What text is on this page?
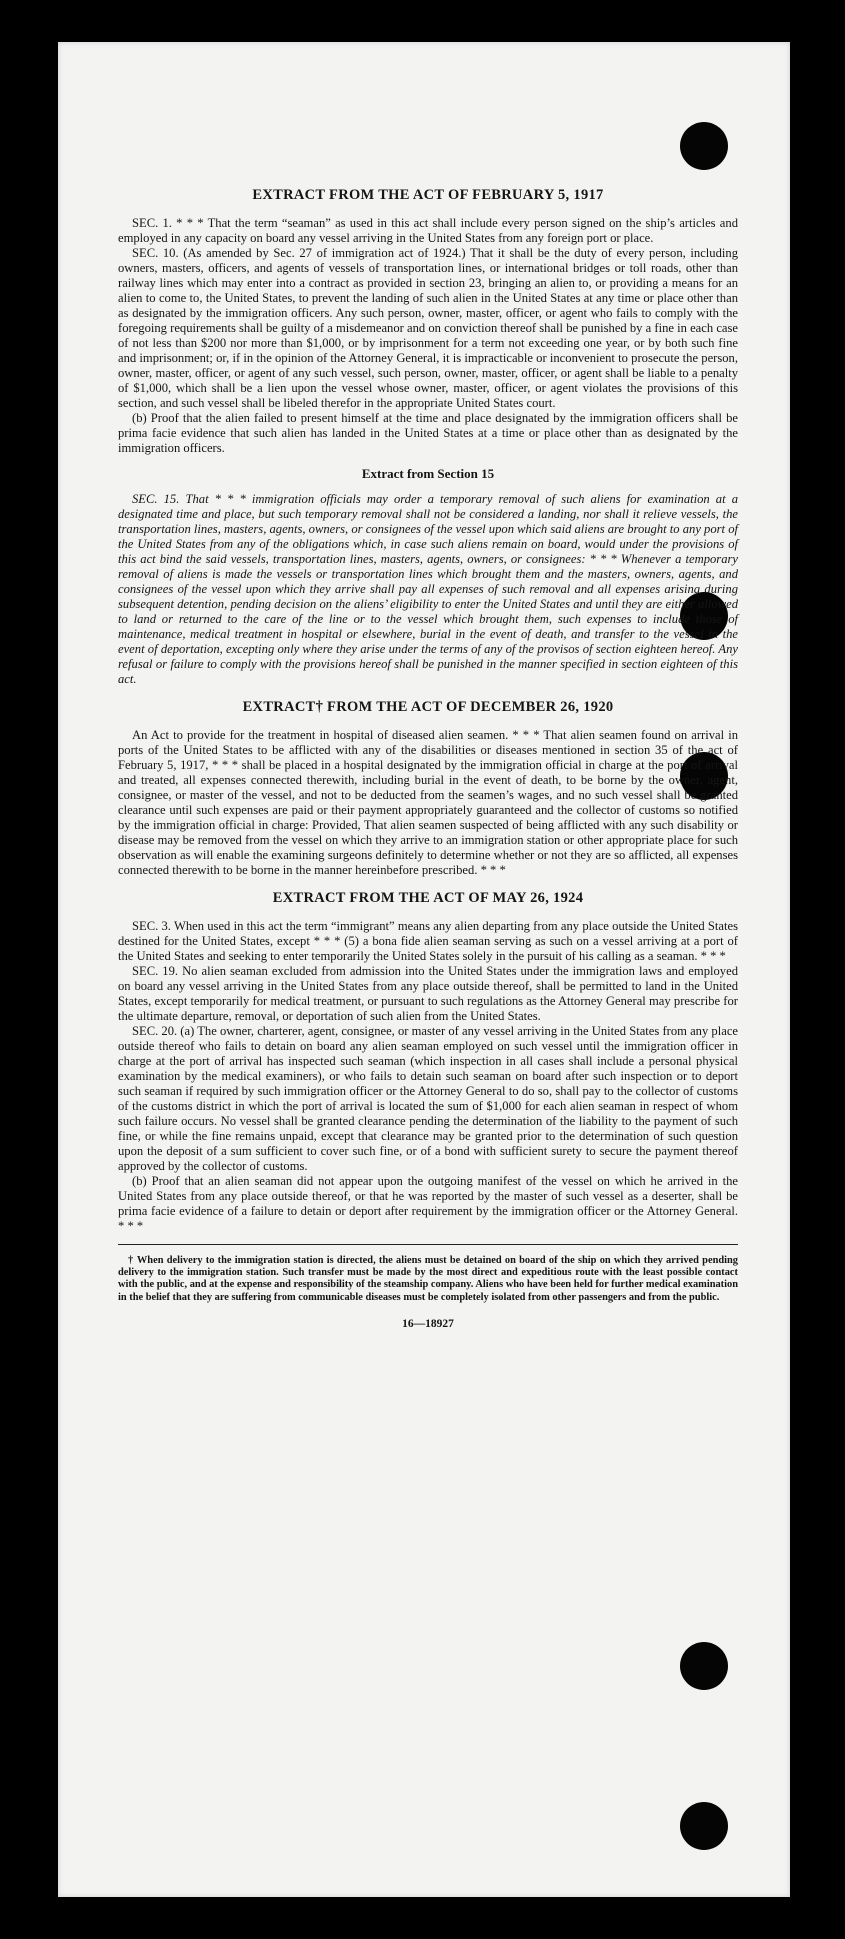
EXTRACT FROM THE ACT OF FEBRUARY 5, 1917

SEC. 1. * * * That the term “seaman” as used in this act shall include every person signed on the ship’s articles and employed in any capacity on board any vessel arriving in the United States from any foreign port or place.

SEC. 10. (As amended by Sec. 27 of immigration act of 1924.) That it shall be the duty of every person, including owners, masters, officers, and agents of vessels of transportation lines, or international bridges or toll roads, other than railway lines which may enter into a contract as provided in section 23, bringing an alien to, or providing a means for an alien to come to, the United States, to prevent the landing of such alien in the United States at any time or place other than as designated by the immigration officers. Any such person, owner, master, officer, or agent who fails to comply with the foregoing requirements shall be guilty of a misdemeanor and on conviction thereof shall be punished by a fine in each case of not less than $200 nor more than $1,000, or by imprisonment for a term not exceeding one year, or by both such fine and imprisonment; or, if in the opinion of the Attorney General, it is impracticable or inconvenient to prosecute the person, owner, master, officer, or agent of any such vessel, such person, owner, master, officer, or agent shall be liable to a penalty of $1,000, which shall be a lien upon the vessel whose owner, master, officer, or agent violates the provisions of this section, and such vessel shall be libeled therefor in the appropriate United States court.

(b) Proof that the alien failed to present himself at the time and place designated by the immigration officers shall be prima facie evidence that such alien has landed in the United States at a time or place other than as designated by the immigration officers.

Extract from Section 15

SEC. 15. That * * * immigration officials may order a temporary removal of such aliens for examination at a designated time and place, but such temporary removal shall not be considered a landing, nor shall it relieve vessels, the transportation lines, masters, agents, owners, or consignees of the vessel upon which said aliens are brought to any port of the United States from any of the obligations which, in case such aliens remain on board, would under the provisions of this act bind the said vessels, transportation lines, masters, agents, owners, or consignees: * * * Whenever a temporary removal of aliens is made the vessels or transportation lines which brought them and the masters, owners, agents, and consignees of the vessel upon which they arrive shall pay all expenses of such removal and all expenses arising during subsequent detention, pending decision on the aliens’ eligibility to enter the United States and until they are either allowed to land or returned to the care of the line or to the vessel which brought them, such expenses to include those of maintenance, medical treatment in hospital or elsewhere, burial in the event of death, and transfer to the vessel in the event of deportation, excepting only where they arise under the terms of any of the provisos of section eighteen hereof. Any refusal or failure to comply with the provisions hereof shall be punished in the manner specified in section eighteen of this act.

EXTRACT† FROM THE ACT OF DECEMBER 26, 1920

An Act to provide for the treatment in hospital of diseased alien seamen. * * * That alien seamen found on arrival in ports of the United States to be afflicted with any of the disabilities or diseases mentioned in section 35 of the act of February 5, 1917, * * * shall be placed in a hospital designated by the immigration official in charge at the port of arrival and treated, all expenses connected therewith, including burial in the event of death, to be borne by the owner, agent, consignee, or master of the vessel, and not to be deducted from the seamen’s wages, and no such vessel shall be granted clearance until such expenses are paid or their payment appropriately guaranteed and the collector of customs so notified by the immigration official in charge: Provided, That alien seamen suspected of being afflicted with any such disability or disease may be removed from the vessel on which they arrive to an immigration station or other appropriate place for such observation as will enable the examining surgeons definitely to determine whether or not they are so afflicted, all expenses connected therewith to be borne in the manner hereinbefore prescribed. * * *

EXTRACT FROM THE ACT OF MAY 26, 1924

SEC. 3. When used in this act the term “immigrant” means any alien departing from any place outside the United States destined for the United States, except * * * (5) a bona fide alien seaman serving as such on a vessel arriving at a port of the United States and seeking to enter temporarily the United States solely in the pursuit of his calling as a seaman. * * *

SEC. 19. No alien seaman excluded from admission into the United States under the immigration laws and employed on board any vessel arriving in the United States from any place outside thereof, shall be permitted to land in the United States, except temporarily for medical treatment, or pursuant to such regulations as the Attorney General may prescribe for the ultimate departure, removal, or deportation of such alien from the United States.

SEC. 20. (a) The owner, charterer, agent, consignee, or master of any vessel arriving in the United States from any place outside thereof who fails to detain on board any alien seaman employed on such vessel until the immigration officer in charge at the port of arrival has inspected such seaman (which inspection in all cases shall include a personal physical examination by the medical examiners), or who fails to detain such seaman on board after such inspection or to deport such seaman if required by such immigration officer or the Attorney General to do so, shall pay to the collector of customs of the customs district in which the port of arrival is located the sum of $1,000 for each alien seaman in respect of whom such failure occurs. No vessel shall be granted clearance pending the determination of the liability to the payment of such fine, or while the fine remains unpaid, except that clearance may be granted prior to the determination of such question upon the deposit of a sum sufficient to cover such fine, or of a bond with sufficient surety to secure the payment thereof approved by the collector of customs.

(b) Proof that an alien seaman did not appear upon the outgoing manifest of the vessel on which he arrived in the United States from any place outside thereof, or that he was reported by the master of such vessel as a deserter, shall be prima facie evidence of a failure to detain or deport after requirement by the immigration officer or the Attorney General. * * *

† When delivery to the immigration station is directed, the aliens must be detained on board of the ship on which they arrived pending delivery to the immigration station. Such transfer must be made by the most direct and expeditious route with the least possible contact with the public, and at the expense and responsibility of the steamship company. Aliens who have been held for further medical examination in the belief that they are suffering from communicable diseases must be completely isolated from other passengers and from the public.

16—18927
